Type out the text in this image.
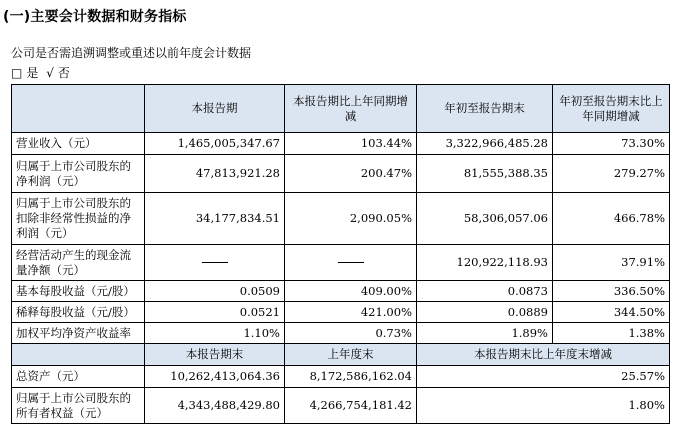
(一)主要会计数据和财务指标
公司是否需追溯调整或重述以前年度会计数据
□ 是 √ 否
	本报告期	本报告期比上年同期增减	年初至报告期末	年初至报告期末比上年同期增减
营业收入（元）	1,465,005,347.67	103.44%	3,322,966,485.28	73.30%
归属于上市公司股东的净利润（元）	47,813,921.28	200.47%	81,555,388.35	279.27%
归属于上市公司股东的扣除非经常性损益的净利润（元）	34,177,834.51	2,090.05%	58,306,057.06	466.78%
经营活动产生的现金流量净额（元）			120,922,118.93	37.91%
基本每股收益（元/股）	0.0509	409.00%	0.0873	336.50%
稀释每股收益（元/股）	0.0521	421.00%	0.0889	344.50%
加权平均净资产收益率	1.10%	0.73%	1.89%	1.38%
	本报告期末	上年度末	本报告期末比上年度末增减	
总资产（元）	10,262,413,064.36	8,172,586,162.04	25.57%	
归属于上市公司股东的所有者权益（元）	4,343,488,429.80	4,266,754,181.42	1.80%	
